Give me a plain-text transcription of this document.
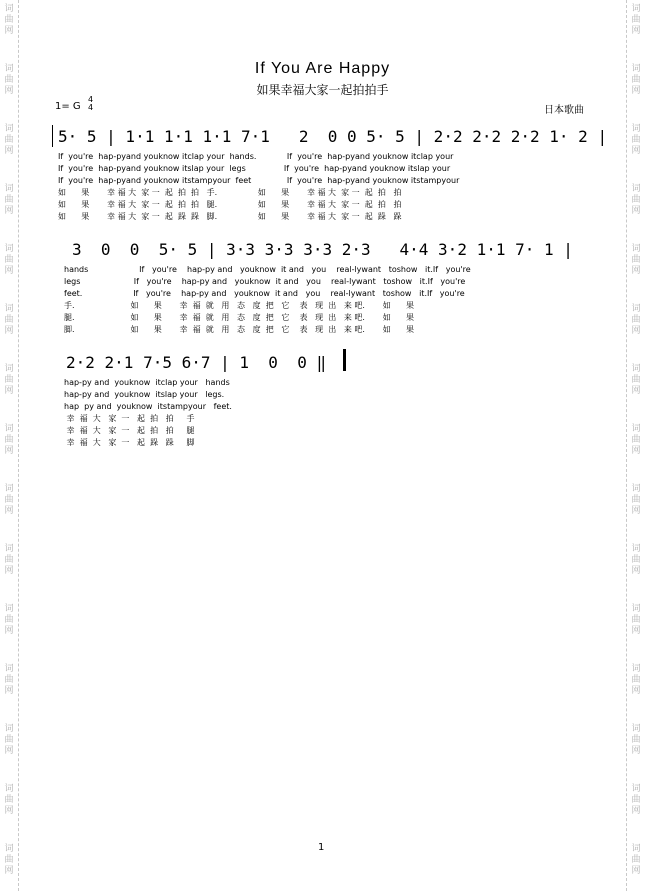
词
曲
网
词
曲
网
词
曲
网
词
曲
网
词
曲
网
词
曲
网
词
曲
网
词
曲
网
词
曲
网
词
曲
网
词
曲
网
词
曲
网
词
曲
网
词
曲
网
词
曲
网
词
曲
网
词
曲
网
词
曲
网
词
曲
网
词
曲
网
词
曲
网
词
曲
网
词
曲
网
词
曲
网
词
曲
网
词
曲
网
词
曲
网
词
曲
网
词
曲
网
词
曲
网
If You Are Happy
如果幸福大家一起拍拍手
1= G
4
4	日本歌曲
5· 5 | 1·1 1·1 1·1 7·1   2  0 0 5· 5 | 2·2 2·2 2·2 1· 2 |
If  you're  hap-pyand youknow itclap your  hands.            If  you're  hap-pyand youknow itclap your
If  you're  hap-pyand youknow itslap your  legs               If  you're  hap-pyand youknow itslap your
If  you're  hap-pyand youknow itstampyour  feet              If  you're  hap-pyand youknow itstampyour
如      果       幸 福 大  家 一  起  拍  拍   手.                如      果       幸 福 大  家 一  起  拍   拍
如      果       幸 福 大  家 一  起  拍  拍   腿.                如      果       幸 福 大  家 一  起  拍   拍
如      果       幸 福 大  家 一  起  跺  跺   脚.                如      果       幸 福 大  家 一  起  跺   跺
3  0  0  5· 5 | 3·3 3·3 3·3 2·3   4·4 3·2 1·1 7· 1 |
hands                    If   you're    hap-py and   youknow  it and   you    real-lywant   toshow   it.If   you're
legs                     If   you're    hap-py and   youknow  it and   you    real-lywant   toshow   it.If   you're
feet.                    If   you're    hap-py and   youknow  it and   you    real-lywant   toshow   it.If   you're
手.                      如      果       幸  福  就   用   态   度  把   它    表   现  出   来 吧.       如      果
腿.                      如      果       幸  福  就   用   态   度  把   它    表   现  出   来 吧.       如      果
脚.                      如      果       幸  福  就   用   态   度  把   它    表   现  出   来 吧.       如      果
2·2 2·1 7·5 6·7 | 1  0  0 ‖
hap-py and  youknow  itclap your   hands
hap-py and  youknow  itslap your   legs.
hap  py and  youknow  itstampyour   feet.
幸  福  大   家  一   起  拍   拍     手
幸  福  大   家  一   起  拍   拍     腿
幸  福  大   家  一   起  跺   跺     脚
1
